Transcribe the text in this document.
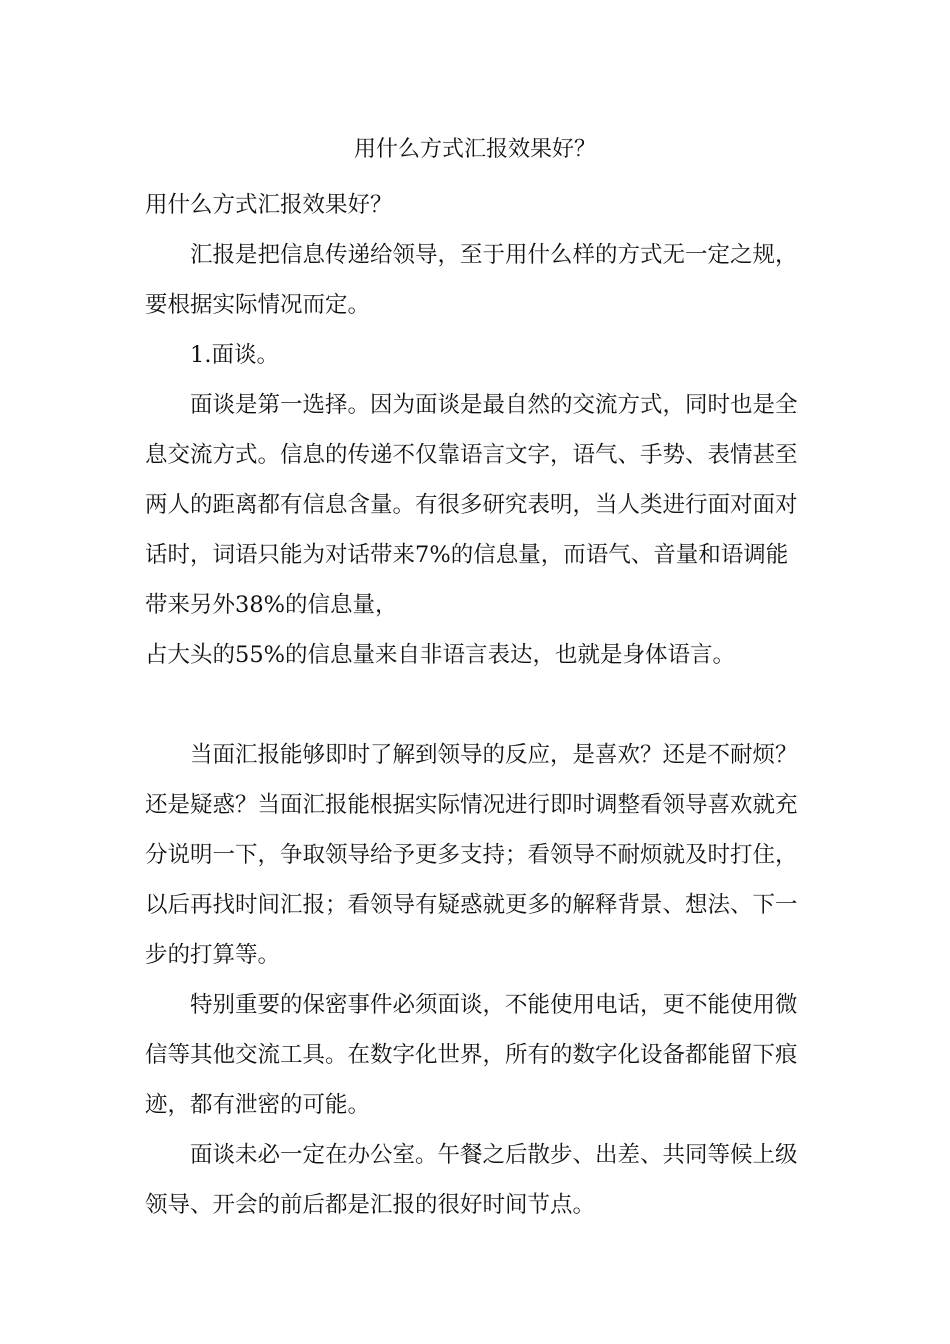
用什么方式汇报效果好？

用什么方式汇报效果好？

汇报是把信息传递给领导，至于用什么样的方式无一定之规，要根据实际情况而定。

1.面谈。

面谈是第一选择。因为面谈是最自然的交流方式，同时也是全息交流方式。信息的传递不仅靠语言文字，语气、手势、表情甚至两人的距离都有信息含量。有很多研究表明，当人类进行面对面对话时，词语只能为对话带来7%的信息量，而语气、音量和语调能带来另外38%的信息量，

占大头的55%的信息量来自非语言表达，也就是身体语言。

当面汇报能够即时了解到领导的反应，是喜欢？还是不耐烦？还是疑惑？当面汇报能根据实际情况进行即时调整看领导喜欢就充分说明一下，争取领导给予更多支持；看领导不耐烦就及时打住，以后再找时间汇报；看领导有疑惑就更多的解释背景、想法、下一步的打算等。

特别重要的保密事件必须面谈，不能使用电话，更不能使用微信等其他交流工具。在数字化世界，所有的数字化设备都能留下痕迹，都有泄密的可能。

面谈未必一定在办公室。午餐之后散步、出差、共同等候上级领导、开会的前后都是汇报的很好时间节点。
